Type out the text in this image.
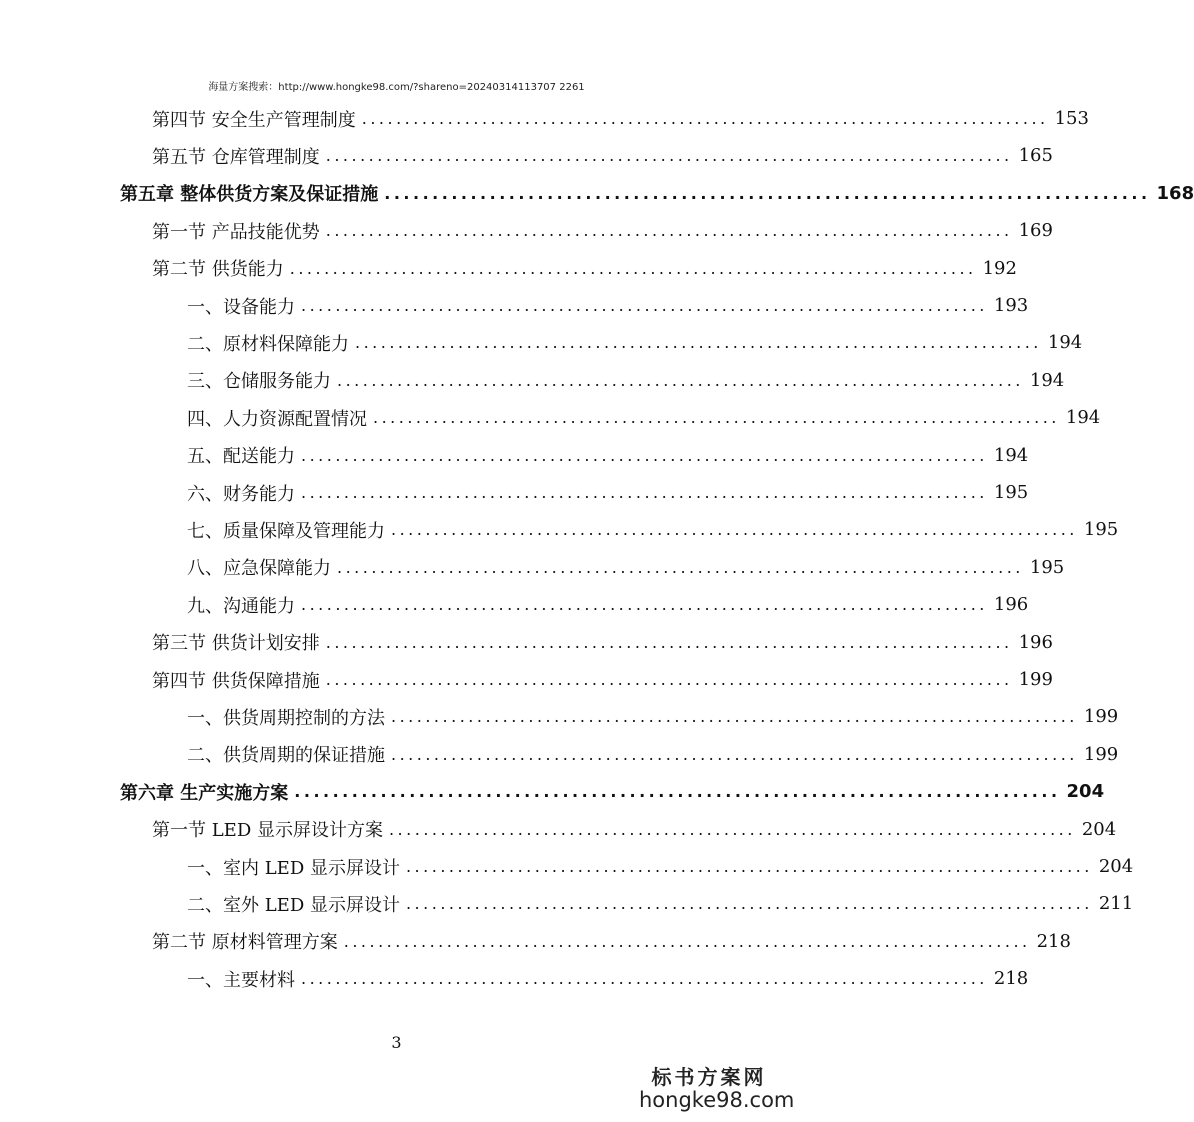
海量方案搜索：http://www.hongke98.com/?shareno=20240314113707 2261
第四节 安全生产管理制度 ................................................................................ 153
第五节 仓库管理制度 ................................................................................ 165
第五章 整体供货方案及保证措施 ................................................................................ 168
第一节 产品技能优势 ................................................................................ 169
第二节 供货能力 ................................................................................ 192
一、设备能力 ................................................................................ 193
二、原材料保障能力 ................................................................................ 194
三、仓储服务能力 ................................................................................ 194
四、人力资源配置情况 ................................................................................ 194
五、配送能力 ................................................................................ 194
六、财务能力 ................................................................................ 195
七、质量保障及管理能力 ................................................................................ 195
八、应急保障能力 ................................................................................ 195
九、沟通能力 ................................................................................ 196
第三节 供货计划安排 ................................................................................ 196
第四节 供货保障措施 ................................................................................ 199
一、供货周期控制的方法 ................................................................................ 199
二、供货周期的保证措施 ................................................................................ 199
第六章 生产实施方案 ................................................................................ 204
第一节 LED 显示屏设计方案 ................................................................................ 204
一、室内 LED 显示屏设计 ................................................................................ 204
二、室外 LED 显示屏设计 ................................................................................ 211
第二节 原材料管理方案 ................................................................................ 218
一、主要材料 ................................................................................ 218
3
标书方案网
hongke98.com
